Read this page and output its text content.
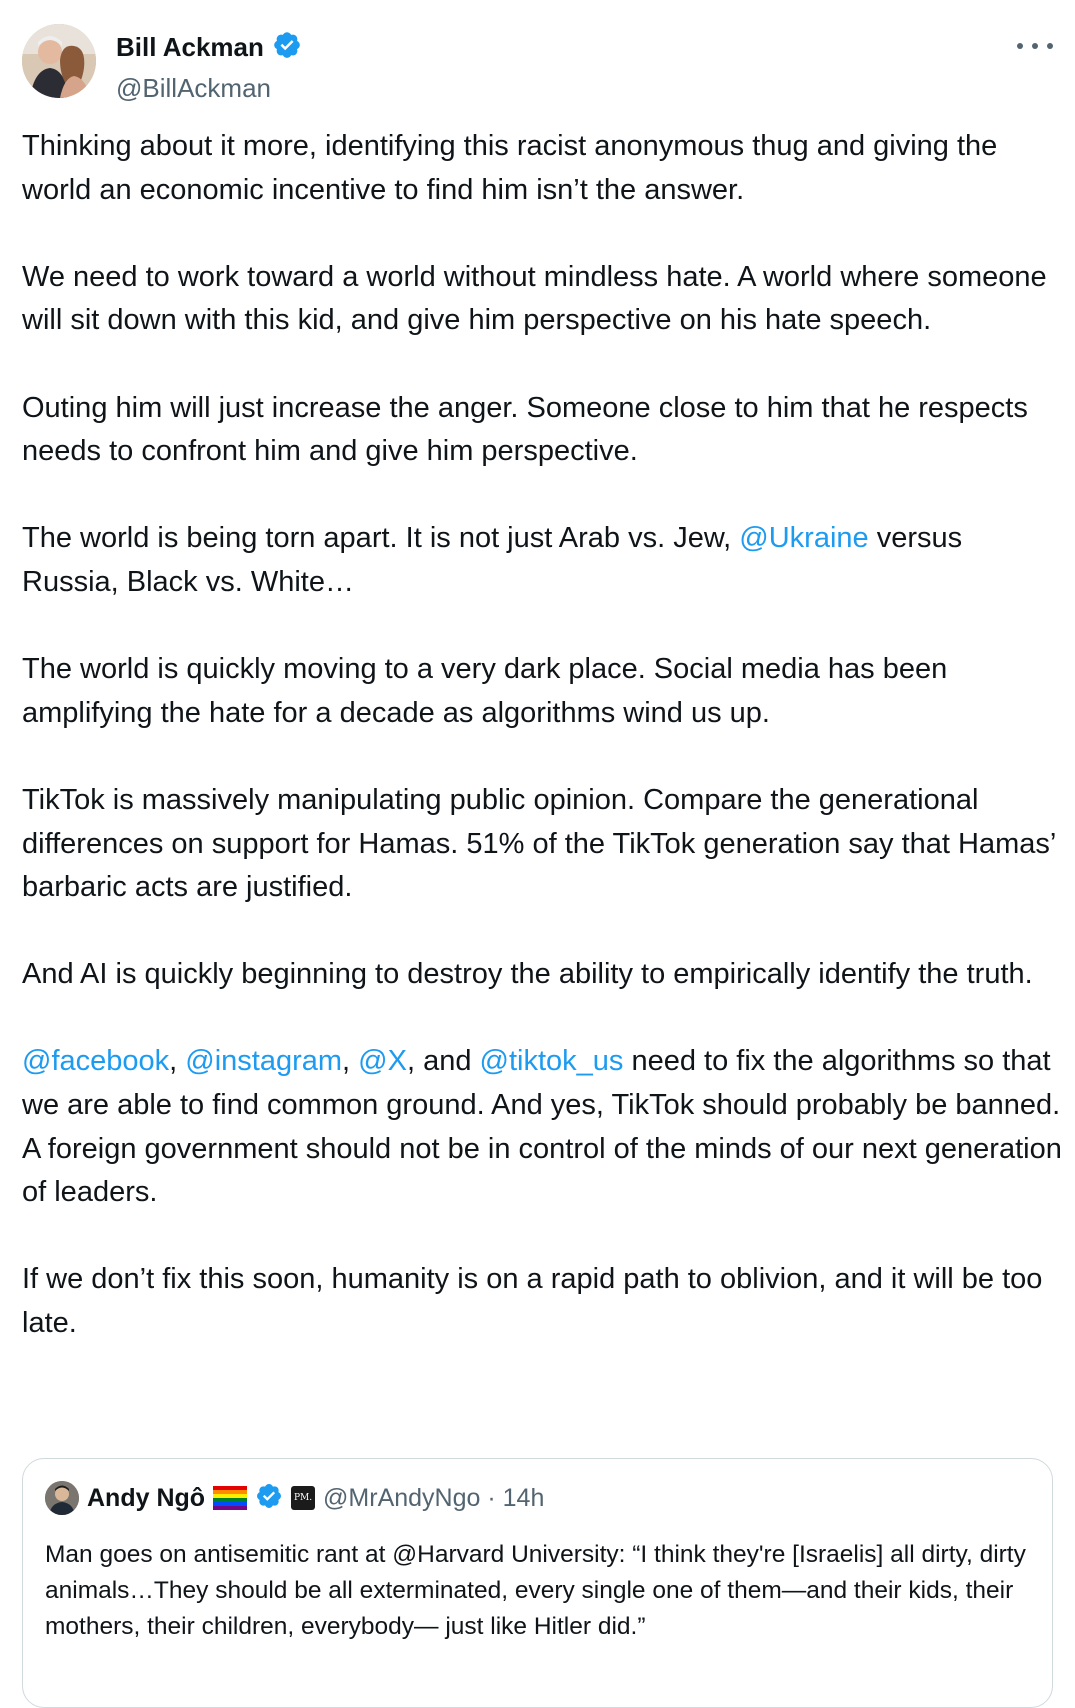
Bill Ackman
@BillAckman

Thinking about it more, identifying this racist anonymous thug and giving the world an economic incentive to find him isn’t the answer.

We need to work toward a world without mindless hate. A world where someone will sit down with this kid, and give him perspective on his hate speech.

Outing him will just increase the anger. Someone close to him that he respects needs to confront him and give him perspective.

The world is being torn apart. It is not just Arab vs. Jew, @Ukraine versus Russia, Black vs. White…

The world is quickly moving to a very dark place. Social media has been amplifying the hate for a decade as algorithms wind us up.

TikTok is massively manipulating public opinion. Compare the generational differences on support for Hamas. 51% of the TikTok generation say that Hamas’ barbaric acts are justified.

And AI is quickly beginning to destroy the ability to empirically identify the truth.

@facebook, @instagram, @X, and @tiktok_us need to fix the algorithms so that we are able to find common ground. And yes, TikTok should probably be banned. A foreign government should not be in control of the minds of our next generation of leaders.

If we don’t fix this soon, humanity is on a rapid path to oblivion, and it will be too late.

Andy Ngô	PM. @MrAndyNgo · 14h
Man goes on antisemitic rant at @Harvard University: “I think they're [Israelis] all dirty, dirty animals…They should be all exterminated, every single one of them—and their kids, their mothers, their children, everybody— just like Hitler did.”
